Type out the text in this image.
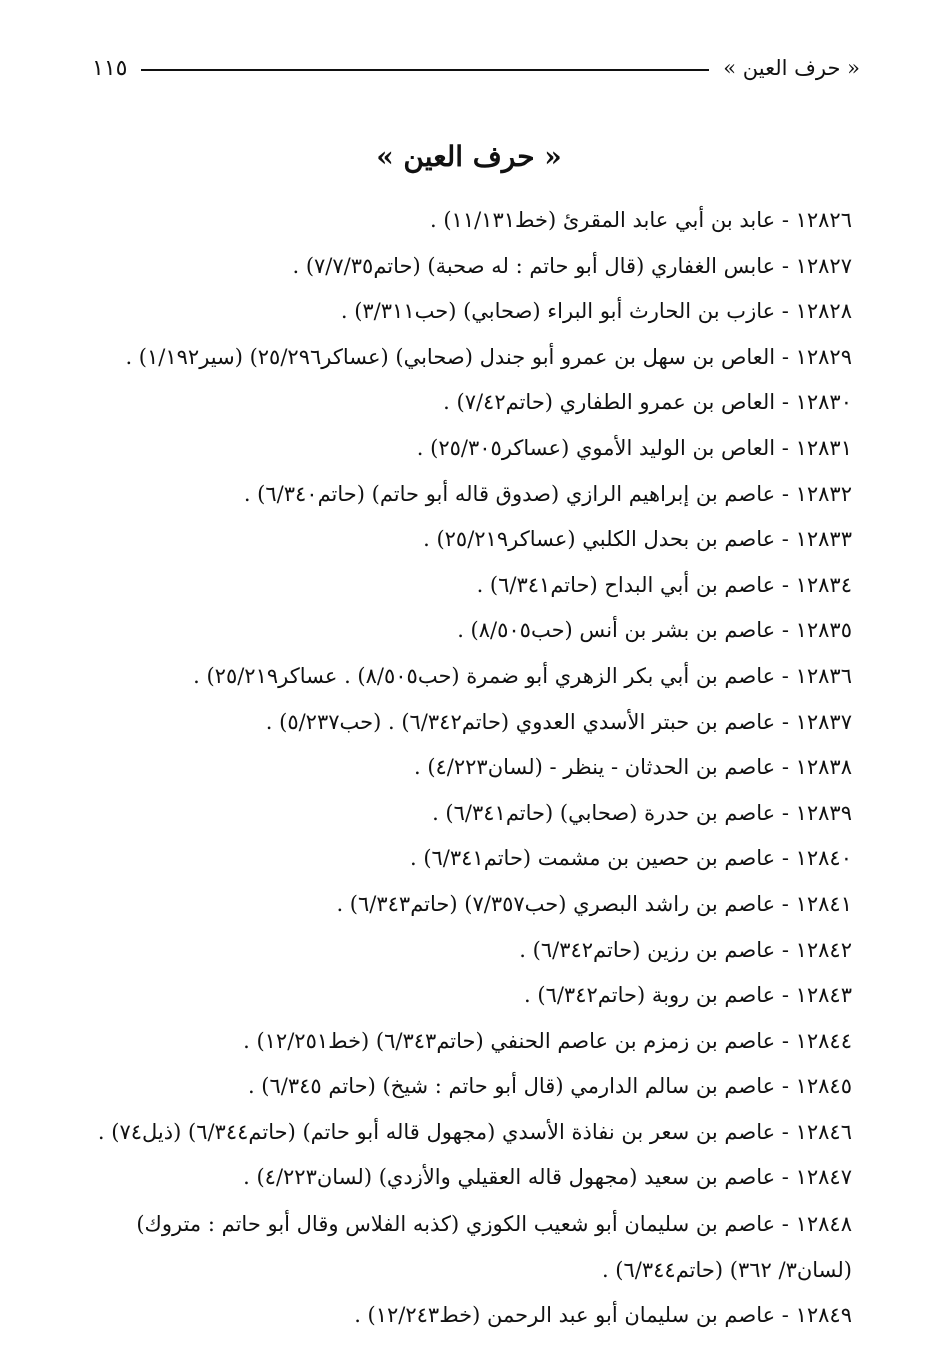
« حرف العين »
١١٥
« حرف العين »
١٢٨٢٦ - عابد بن أبي عابد المقرئ (خط١١/١٣١) .
١٢٨٢٧ - عابس الغفاري (قال أبو حاتم : له صحبة) (حاتم٧/٧/٣٥) .
١٢٨٢٨ - عازب بن الحارث أبو البراء (صحابي) (حب٣/٣١١) .
١٢٨٢٩ - العاص بن سهل بن عمرو أبو جندل (صحابي) (عساكر٢٥/٢٩٦) (سير١/١٩٢) .
١٢٨٣٠ - العاص بن عمرو الطفاري (حاتم٧/٤٢) .
١٢٨٣١ - العاص بن الوليد الأموي (عساكر٢٥/٣٠٥) .
١٢٨٣٢ - عاصم بن إبراهيم الرازي (صدوق قاله أبو حاتم) (حاتم٦/٣٤٠) .
١٢٨٣٣ - عاصم بن بحدل الكلبي (عساكر٢٥/٢١٩) .
١٢٨٣٤ - عاصم بن أبي البداح (حاتم٦/٣٤١) .
١٢٨٣٥ - عاصم بن بشر بن أنس (حب٨/٥٠٥) .
١٢٨٣٦ - عاصم بن أبي بكر الزهري أبو ضمرة (حب٨/٥٠٥) . عساكر٢٥/٢١٩) .
١٢٨٣٧ - عاصم بن حبتر الأسدي العدوي (حاتم٦/٣٤٢) . (حب٥/٢٣٧) .
١٢٨٣٨ - عاصم بن الحدثان - ينظر - (لسان٤/٢٢٣) .
١٢٨٣٩ - عاصم بن حدرة (صحابي) (حاتم٦/٣٤١) .
١٢٨٤٠ - عاصم بن حصين بن مشمت (حاتم٦/٣٤١) .
١٢٨٤١ - عاصم بن راشد البصري (حب٧/٣٥٧) (حاتم٦/٣٤٣) .
١٢٨٤٢ - عاصم بن رزين (حاتم٦/٣٤٢) .
١٢٨٤٣ - عاصم بن روبة (حاتم٦/٣٤٢) .
١٢٨٤٤ - عاصم بن زمزم بن عاصم الحنفي (حاتم٦/٣٤٣) (خط١٢/٢٥١) .
١٢٨٤٥ - عاصم بن سالم الدارمي (قال أبو حاتم : شيخ) (حاتم ٦/٣٤٥) .
١٢٨٤٦ - عاصم بن سعر بن نفاذة الأسدي (مجهول قاله أبو حاتم) (حاتم٦/٣٤٤) (ذيل٧٤) .
١٢٨٤٧ - عاصم بن سعيد (مجهول قاله العقيلي والأزدي) (لسان٤/٢٢٣) .
١٢٨٤٨ - عاصم بن سليمان أبو شعيب الكوزي (كذبه الفلاس وقال أبو حاتم : متروك) (لسان٣/ ٣٦٢) (حاتم٦/٣٤٤) .
١٢٨٤٩ - عاصم بن سليمان أبو عبد الرحمن (خط١٢/٢٤٣) .
